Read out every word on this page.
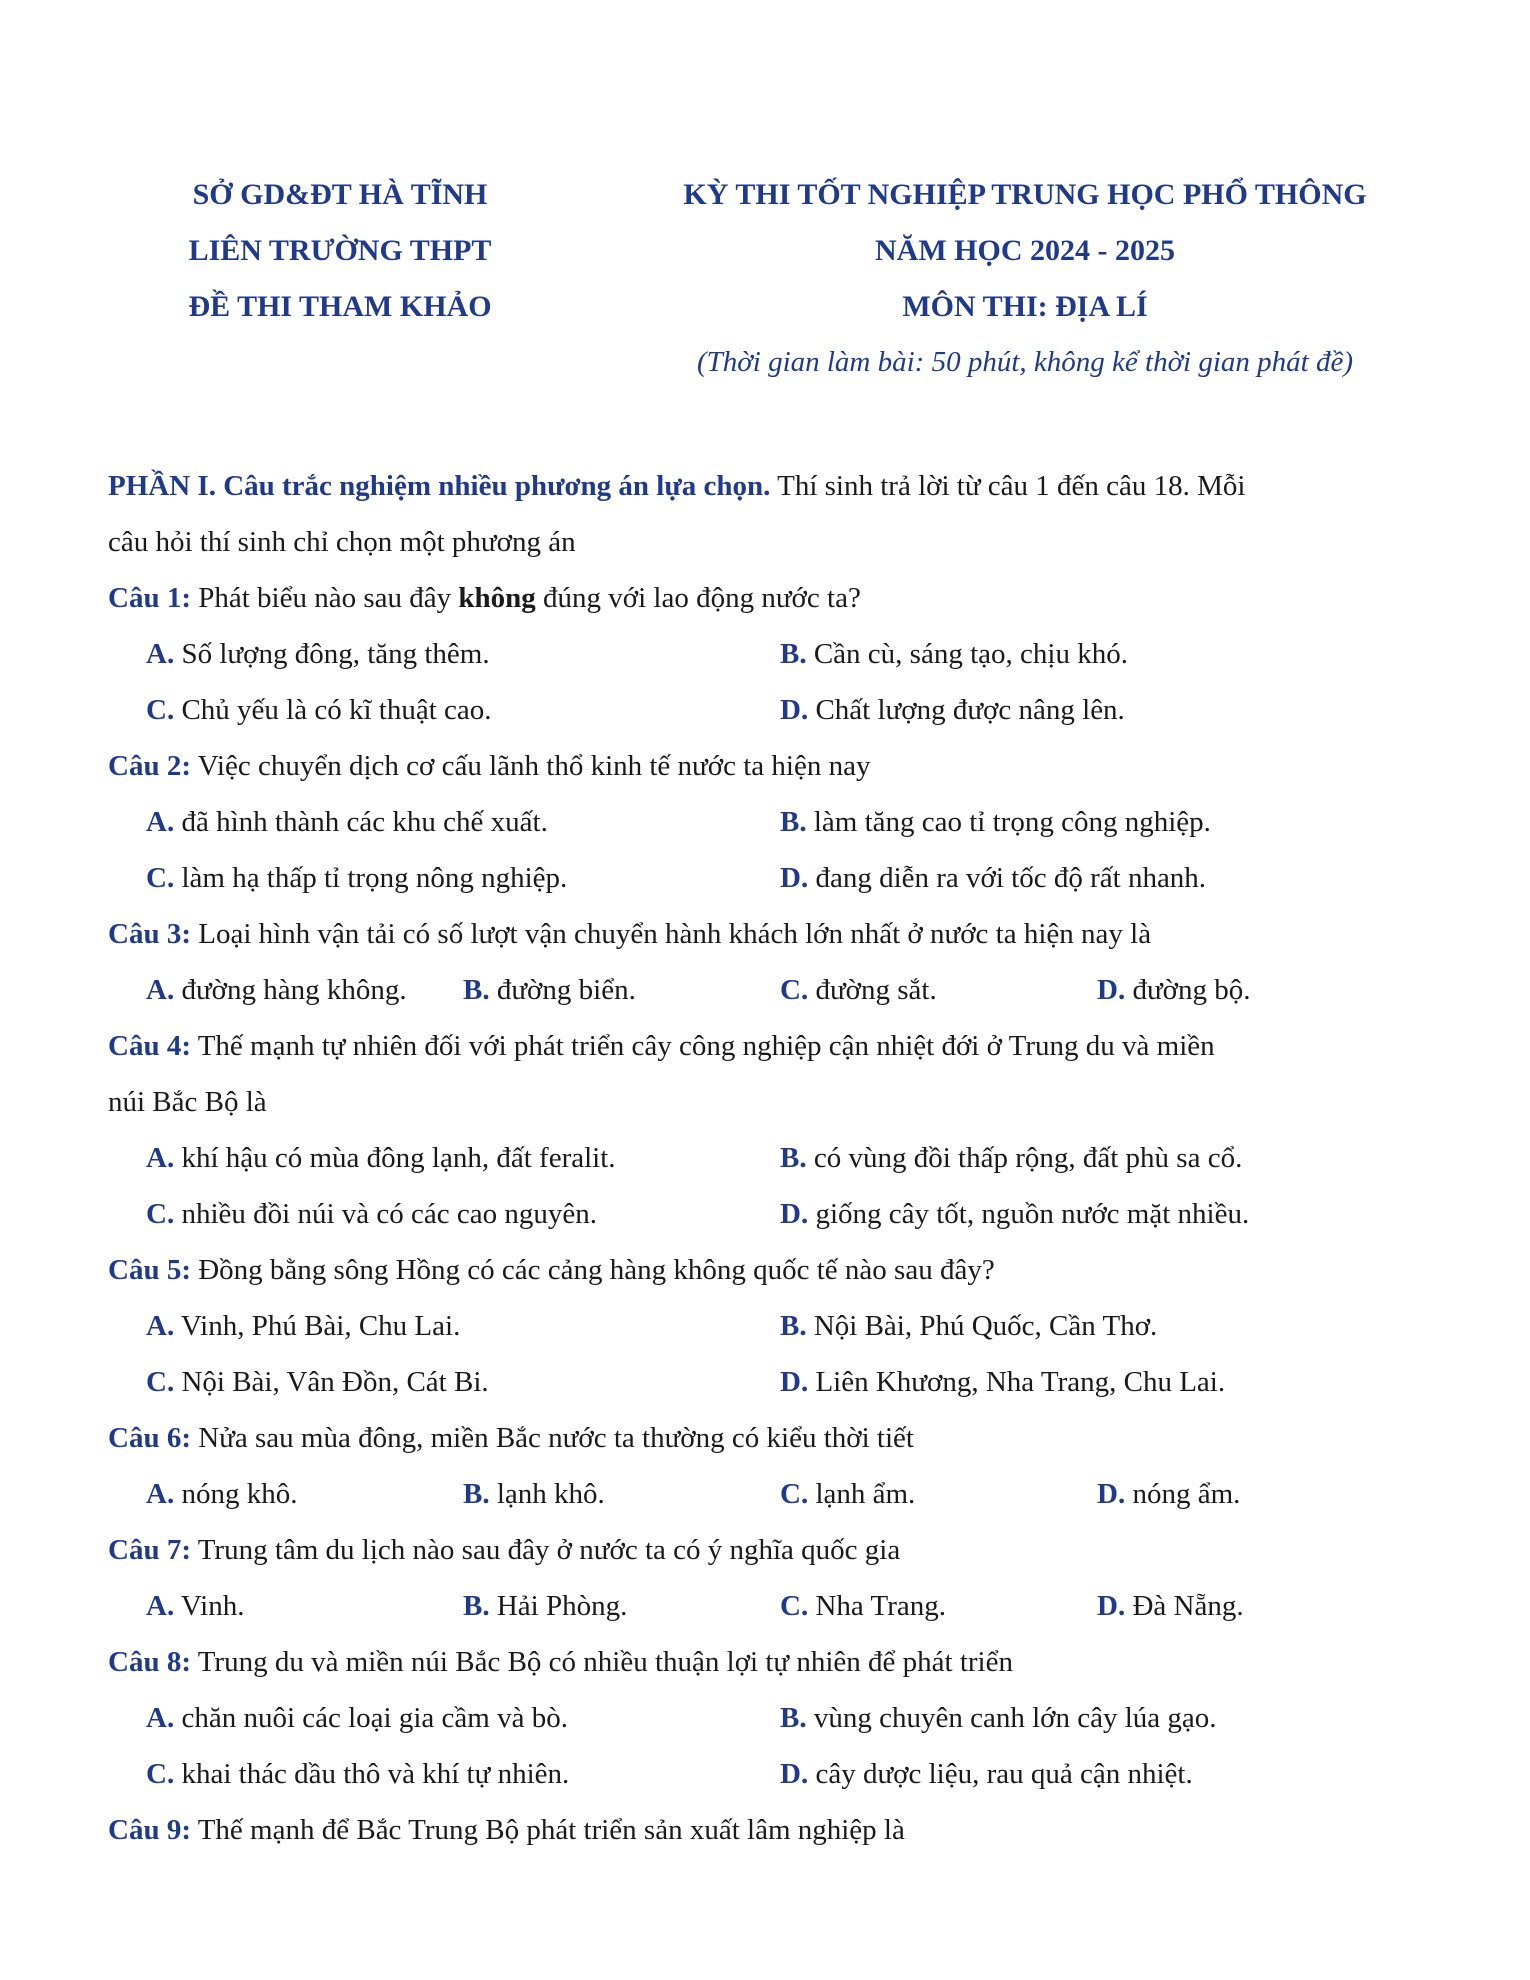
SỞ GD&ĐT HÀ TĨNH	KỲ THI TỐT NGHIỆP TRUNG HỌC PHỔ THÔNG
LIÊN TRƯỜNG THPT	NĂM HỌC 2024 - 2025
ĐỀ THI THAM KHẢO	MÔN THI: ĐỊA LÍ
(Thời gian làm bài: 50 phút, không kể thời gian phát đề)

PHẦN I. Câu trắc nghiệm nhiều phương án lựa chọn. Thí sinh trả lời từ câu 1 đến câu 18. Mỗi

câu hỏi thí sinh chỉ chọn một phương án

Câu 1: Phát biểu nào sau đây không đúng với lao động nước ta?

A. Số lượng đông, tăng thêm.	B. Cần cù, sáng tạo, chịu khó.
C. Chủ yếu là có kĩ thuật cao.	D. Chất lượng được nâng lên.

Câu 2: Việc chuyển dịch cơ cấu lãnh thổ kinh tế nước ta hiện nay

A. đã hình thành các khu chế xuất.	B. làm tăng cao tỉ trọng công nghiệp.
C. làm hạ thấp tỉ trọng nông nghiệp.	D. đang diễn ra với tốc độ rất nhanh.

Câu 3: Loại hình vận tải có số lượt vận chuyển hành khách lớn nhất ở nước ta hiện nay là

A. đường hàng không.	B. đường biển.	C. đường sắt.	D. đường bộ.

Câu 4: Thế mạnh tự nhiên đối với phát triển cây công nghiệp cận nhiệt đới ở Trung du và miền

núi Bắc Bộ là

A. khí hậu có mùa đông lạnh, đất feralit.	B. có vùng đồi thấp rộng, đất phù sa cổ.
C. nhiều đồi núi và có các cao nguyên.	D. giống cây tốt, nguồn nước mặt nhiều.

Câu 5: Đồng bằng sông Hồng có các cảng hàng không quốc tế nào sau đây?

A. Vinh, Phú Bài, Chu Lai.	B. Nội Bài, Phú Quốc, Cần Thơ.
C. Nội Bài, Vân Đồn, Cát Bi.	D. Liên Khương, Nha Trang, Chu Lai.

Câu 6: Nửa sau mùa đông, miền Bắc nước ta thường có kiểu thời tiết

A. nóng khô.	B. lạnh khô.	C. lạnh ẩm.	D. nóng ẩm.

Câu 7: Trung tâm du lịch nào sau đây ở nước ta có ý nghĩa quốc gia

A. Vinh.	B. Hải Phòng.	C. Nha Trang.	D. Đà Nẵng.

Câu 8: Trung du và miền núi Bắc Bộ có nhiều thuận lợi tự nhiên để phát triển

A. chăn nuôi các loại gia cầm và bò.	B. vùng chuyên canh lớn cây lúa gạo.
C. khai thác dầu thô và khí tự nhiên.	D. cây dược liệu, rau quả cận nhiệt.

Câu 9: Thế mạnh để Bắc Trung Bộ phát triển sản xuất lâm nghiệp là
